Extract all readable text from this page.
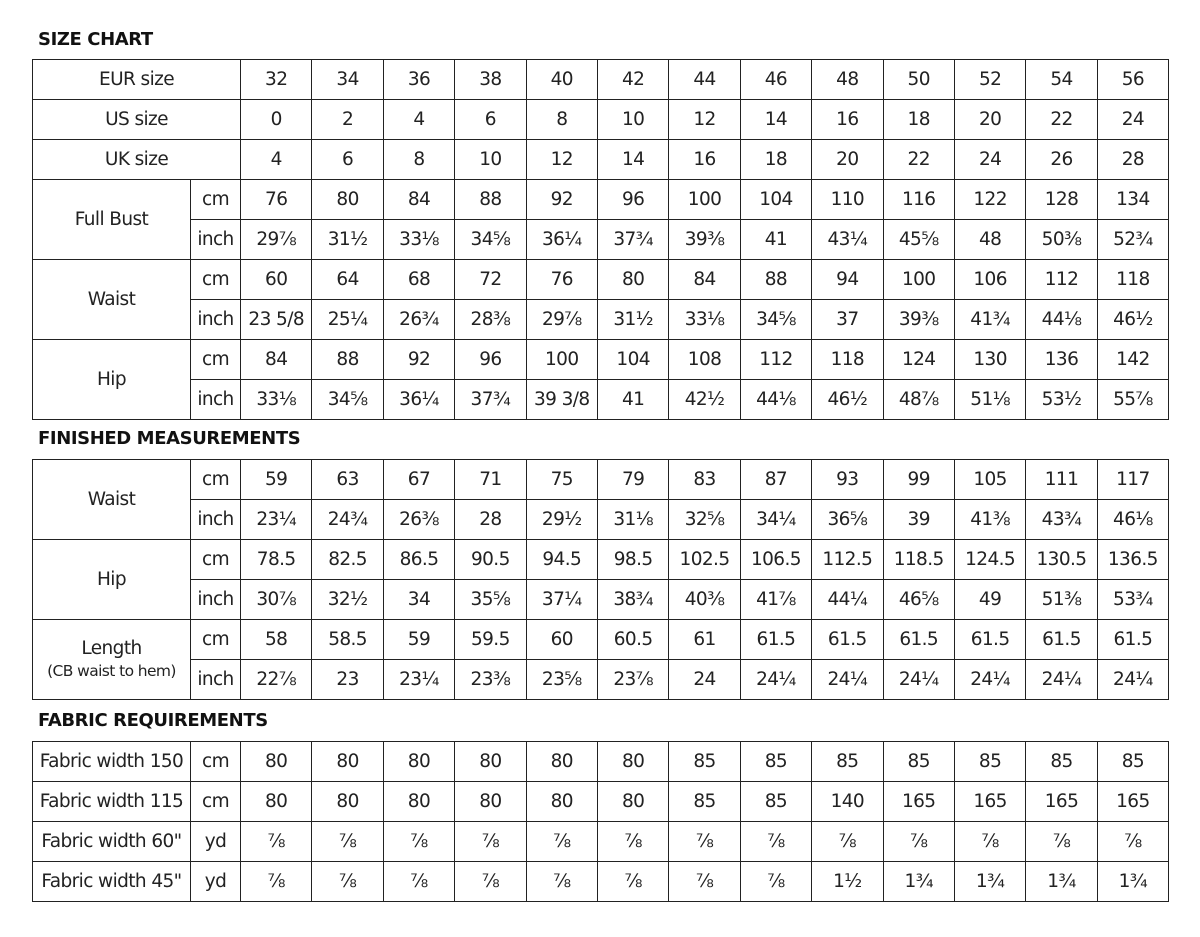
SIZE CHART
EUR size		32	34	36	38	40	42	44	46	48	50	52	54	56
US size		0	2	4	6	8	10	12	14	16	18	20	22	24
UK size		4	6	8	10	12	14	16	18	20	22	24	26	28
Full Bust	cm	76	80	84	88	92	96	100	104	110	116	122	128	134
	inch	29⅞	31½	33⅛	34⅝	36¼	37¾	39⅜	41	43¼	45⅝	48	50⅜	52¾
Waist	cm	60	64	68	72	76	80	84	88	94	100	106	112	118
	inch	23 5/8	25¼	26¾	28⅜	29⅞	31½	33⅛	34⅝	37	39⅜	41¾	44⅛	46½
Hip	cm	84	88	92	96	100	104	108	112	118	124	130	136	142
	inch	33⅛	34⅝	36¼	37¾	39 3/8	41	42½	44⅛	46½	48⅞	51⅛	53½	55⅞
FINISHED MEASUREMENTS
Waist	cm	59	63	67	71	75	79	83	87	93	99	105	111	117
	inch	23¼	24¾	26⅜	28	29½	31⅛	32⅝	34¼	36⅝	39	41⅜	43¾	46⅛

Hip	cm	78.5	82.5	86.5	90.5	94.5	98.5	102.5	106.5	112.5	118.5	124.5	130.5	136.5
	inch	30⅞	32½	34	35⅝	37¼	38¾	40⅜	41⅞	44¼	46⅝	49	51⅜	53¾

Length
(CB waist to hem)	cm	58	58.5	59	59.5	60	60.5	61	61.5	61.5	61.5	61.5	61.5	61.5
	inch	22⅞	23	23¼	23⅜	23⅝	23⅞	24	24¼	24¼	24¼	24¼	24¼	24¼
FABRIC REQUIREMENTS
Fabric width 150	cm	80	80	80	80	80	80	85	85	85	85	85	85	85
Fabric width 115	cm	80	80	80	80	80	80	85	85	140	165	165	165	165
Fabric width 60"	yd	⅞	⅞	⅞	⅞	⅞	⅞	⅞	⅞	⅞	⅞	⅞	⅞	⅞
Fabric width 45"	yd	⅞	⅞	⅞	⅞	⅞	⅞	⅞	⅞	1½	1¾	1¾	1¾	1¾
